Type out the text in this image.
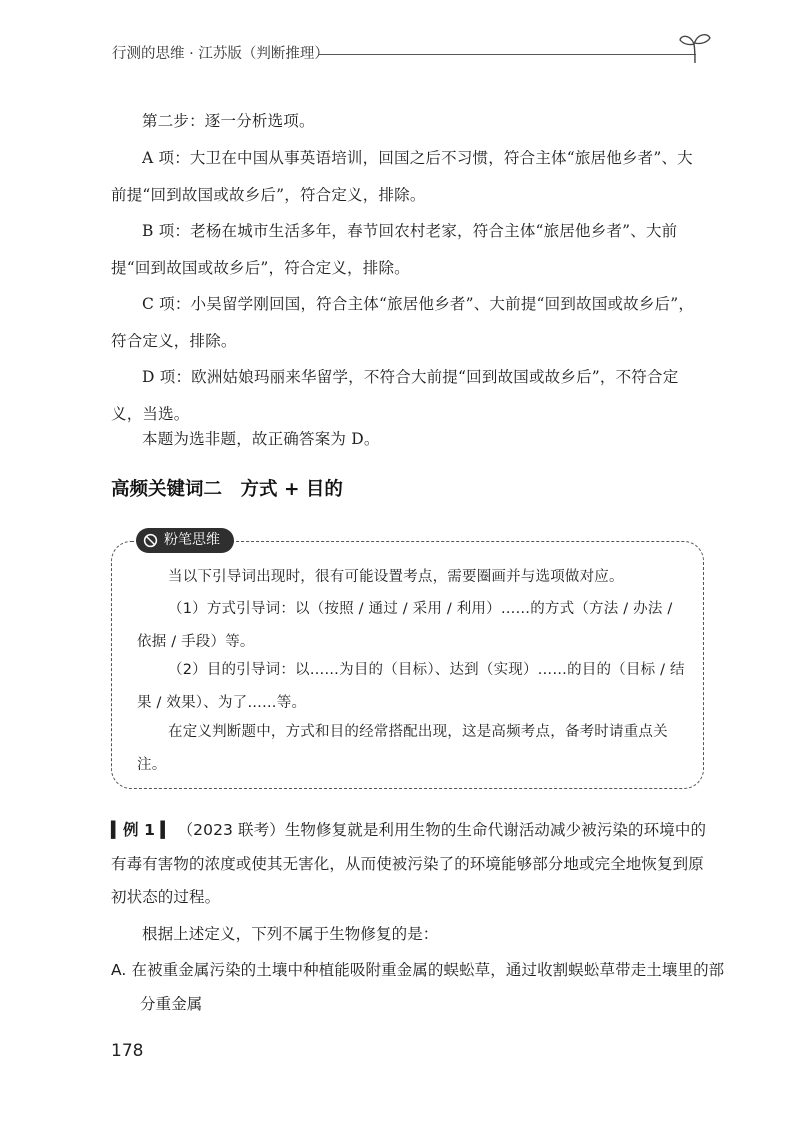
行测的思维 · 江苏版（判断推理）
第二步：逐一分析选项。
A 项：大卫在中国从事英语培训，回国之后不习惯，符合主体“旅居他乡者”、大前提“回到故国或故乡后”，符合定义，排除。
B 项：老杨在城市生活多年，春节回农村老家，符合主体“旅居他乡者”、大前提“回到故国或故乡后”，符合定义，排除。
C 项：小吴留学刚回国，符合主体“旅居他乡者”、大前提“回到故国或故乡后”，符合定义，排除。
D 项：欧洲姑娘玛丽来华留学，不符合大前提“回到故国或故乡后”，不符合定义，当选。
本题为选非题，故正确答案为 D。
高频关键词二　方式 + 目的
粉笔思维
当以下引导词出现时，很有可能设置考点，需要圈画并与选项做对应。
（1）方式引导词：以（按照 / 通过 / 采用 / 利用）……的方式（方法 / 办法 / 依据 / 手段）等。
（2）目的引导词：以……为目的（目标）、达到（实现）……的目的（目标 / 结果 / 效果）、为了……等。
在定义判断题中，方式和目的经常搭配出现，这是高频考点，备考时请重点关注。
▍例 1 ▍ （2023 联考）生物修复就是利用生物的生命代谢活动减少被污染的环境中的有毒有害物的浓度或使其无害化，从而使被污染了的环境能够部分地或完全地恢复到原初状态的过程。
根据上述定义，下列不属于生物修复的是：
A. 在被重金属污染的土壤中种植能吸附重金属的蜈蚣草，通过收割蜈蚣草带走土壤里的部分重金属
178
